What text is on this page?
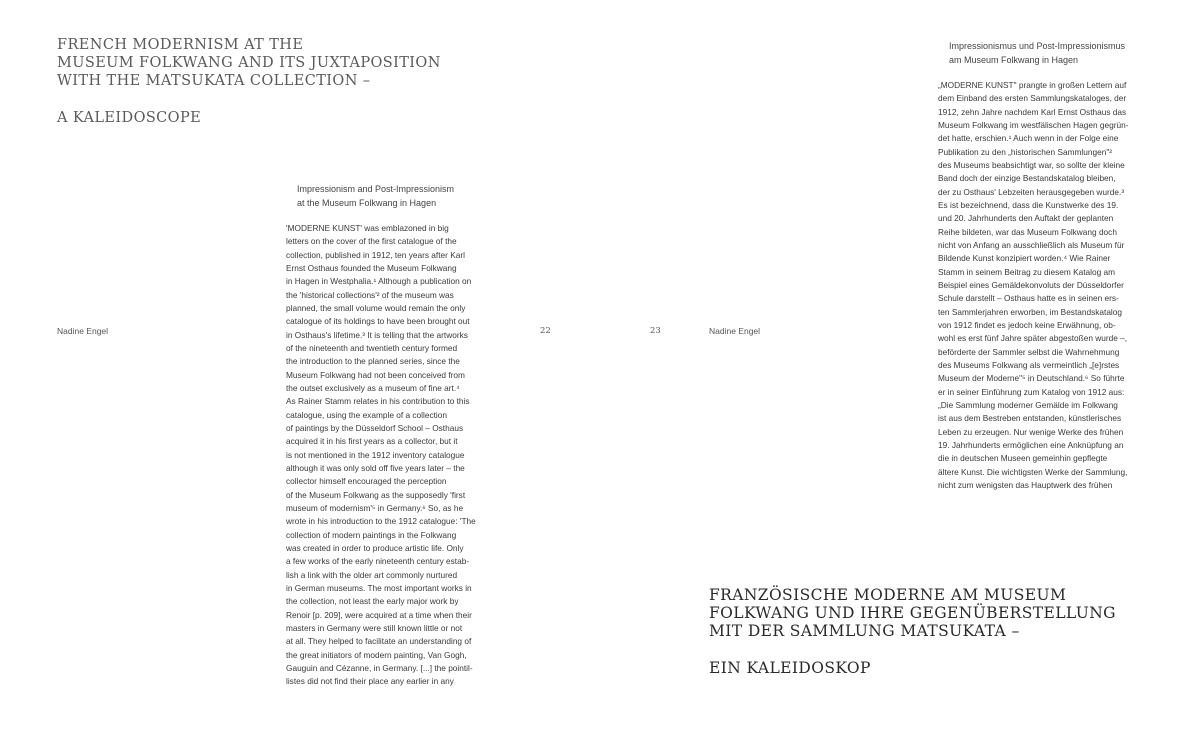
FRENCH MODERNISM AT THE
MUSEUM FOLKWANG AND ITS JUXTAPOSITION
WITH THE MATSUKATA COLLECTION –
A KALEIDOSCOPE
Nadine Engel	22
Impressionism and Post-Impressionism
at the Museum Folkwang in Hagen
'MODERNE KUNST' was emblazoned in big
letters on the cover of the first catalogue of the
collection, published in 1912, ten years after Karl
Ernst Osthaus founded the Museum Folkwang
in Hagen in Westphalia.¹ Although a publication on
the 'historical collections'² of the museum was
planned, the small volume would remain the only
catalogue of its holdings to have been brought out
in Osthaus's lifetime.³ It is telling that the artworks
of the nineteenth and twentieth century formed
the introduction to the planned series, since the
Museum Folkwang had not been conceived from
the outset exclusively as a museum of fine art.⁴
As Rainer Stamm relates in his contribution to this
catalogue, using the example of a collection
of paintings by the Düsseldorf School – Osthaus
acquired it in his first years as a collector, but it
is not mentioned in the 1912 inventory catalogue
although it was only sold off five years later – the
collector himself encouraged the perception
of the Museum Folkwang as the supposedly 'first
museum of modernism'⁵ in Germany.⁶ So, as he
wrote in his introduction to the 1912 catalogue: 'The
collection of modern paintings in the Folkwang
was created in order to produce artistic life. Only
a few works of the early nineteenth century estab-
lish a link with the older art commonly nurtured
in German museums. The most important works in
the collection, not least the early major work by
Renoir [p. 209], were acquired at a time when their
masters in Germany were still known little or not
at all. They helped to facilitate an understanding of
the great initiators of modern painting, Van Gogh,
Gauguin and Cézanne, in Germany. [...] the pointil-
listes did not find their place any earlier in any
23	Nadine Engel
Impressionismus und Post-Impressionismus
am Museum Folkwang in Hagen
„MODERNE KUNST" prangte in großen Lettern auf
dem Einband des ersten Sammlungskataloges, der
1912, zehn Jahre nachdem Karl Ernst Osthaus das
Museum Folkwang im westfälischen Hagen gegrün-
det hatte, erschien.¹ Auch wenn in der Folge eine
Publikation zu den „historischen Sammlungen"²
des Museums beabsichtigt war, so sollte der kleine
Band doch der einzige Bestandskatalog bleiben,
der zu Osthaus' Lebzeiten herausgegeben wurde.³
Es ist bezeichnend, dass die Kunstwerke des 19.
und 20. Jahrhunderts den Auftakt der geplanten
Reihe bildeten, war das Museum Folkwang doch
nicht von Anfang an ausschließlich als Museum für
Bildende Kunst konzipiert worden.⁴ Wie Rainer
Stamm in seinem Beitrag zu diesem Katalog am
Beispiel eines Gemäldekonvoluts der Düsseldorfer
Schule darstellt – Osthaus hatte es in seinen ers-
ten Sammlerjahren erworben, im Bestandskatalog
von 1912 findet es jedoch keine Erwähnung, ob-
wohl es erst fünf Jahre später abgestoßen wurde –,
beförderte der Sammler selbst die Wahrnehmung
des Museums Folkwang als vermeintlich „[e]rstes
Museum der Moderne"⁵ in Deutschland.⁶ So führte
er in seiner Einführung zum Katalog von 1912 aus:
„Die Sammlung moderner Gemälde im Folkwang
ist aus dem Bestreben entstanden, künstlerisches
Leben zu erzeugen. Nur wenige Werke des frühen
19. Jahrhunderts ermöglichen eine Anknüpfung an
die in deutschen Museen gemeinhin gepflegte
ältere Kunst. Die wichtigsten Werke der Sammlung,
nicht zum wenigsten das Hauptwerk des frühen
FRANZÖSISCHE MODERNE AM MUSEUM
FOLKWANG UND IHRE GEGENÜBERSTELLUNG
MIT DER SAMMLUNG MATSUKATA –
EIN KALEIDOSKOP
